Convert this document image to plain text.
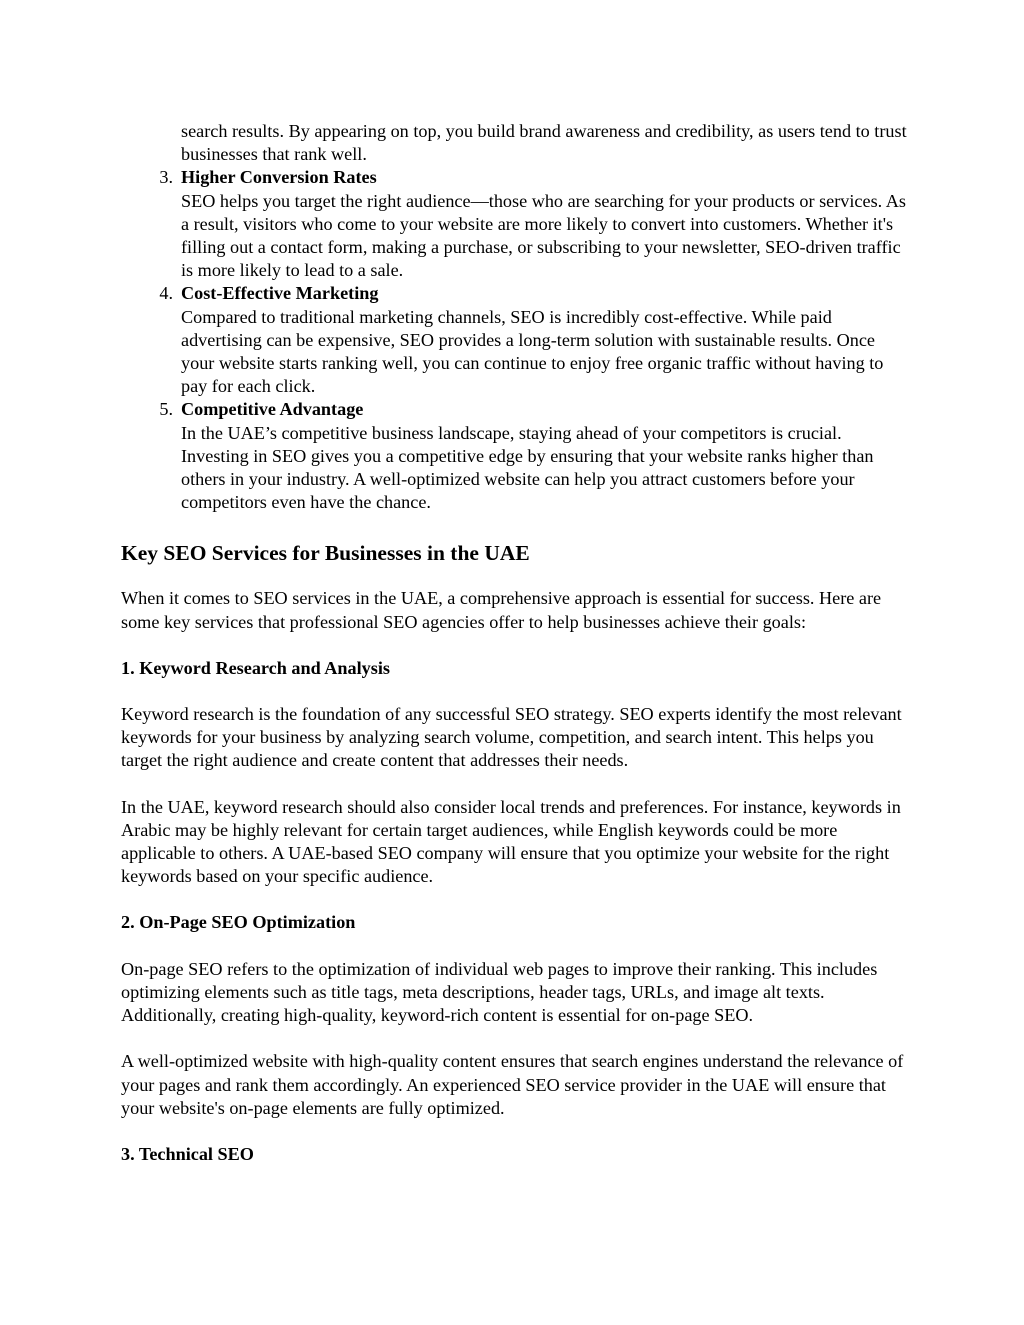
search results. By appearing on top, you build brand awareness and credibility, as users tend to trust businesses that rank well.
3. Higher Conversion Rates
SEO helps you target the right audience—those who are searching for your products or services. As a result, visitors who come to your website are more likely to convert into customers. Whether it's filling out a contact form, making a purchase, or subscribing to your newsletter, SEO-driven traffic is more likely to lead to a sale.
4. Cost-Effective Marketing
Compared to traditional marketing channels, SEO is incredibly cost-effective. While paid advertising can be expensive, SEO provides a long-term solution with sustainable results. Once your website starts ranking well, you can continue to enjoy free organic traffic without having to pay for each click.
5. Competitive Advantage
In the UAE’s competitive business landscape, staying ahead of your competitors is crucial. Investing in SEO gives you a competitive edge by ensuring that your website ranks higher than others in your industry. A well-optimized website can help you attract customers before your competitors even have the chance.
Key SEO Services for Businesses in the UAE

When it comes to SEO services in the UAE, a comprehensive approach is essential for success. Here are some key services that professional SEO agencies offer to help businesses achieve their goals:

1. Keyword Research and Analysis

Keyword research is the foundation of any successful SEO strategy. SEO experts identify the most relevant keywords for your business by analyzing search volume, competition, and search intent. This helps you target the right audience and create content that addresses their needs.

In the UAE, keyword research should also consider local trends and preferences. For instance, keywords in Arabic may be highly relevant for certain target audiences, while English keywords could be more applicable to others. A UAE-based SEO company will ensure that you optimize your website for the right keywords based on your specific audience.

2. On-Page SEO Optimization

On-page SEO refers to the optimization of individual web pages to improve their ranking. This includes optimizing elements such as title tags, meta descriptions, header tags, URLs, and image alt texts. Additionally, creating high-quality, keyword-rich content is essential for on-page SEO.

A well-optimized website with high-quality content ensures that search engines understand the relevance of your pages and rank them accordingly. An experienced SEO service provider in the UAE will ensure that your website's on-page elements are fully optimized.

3. Technical SEO
